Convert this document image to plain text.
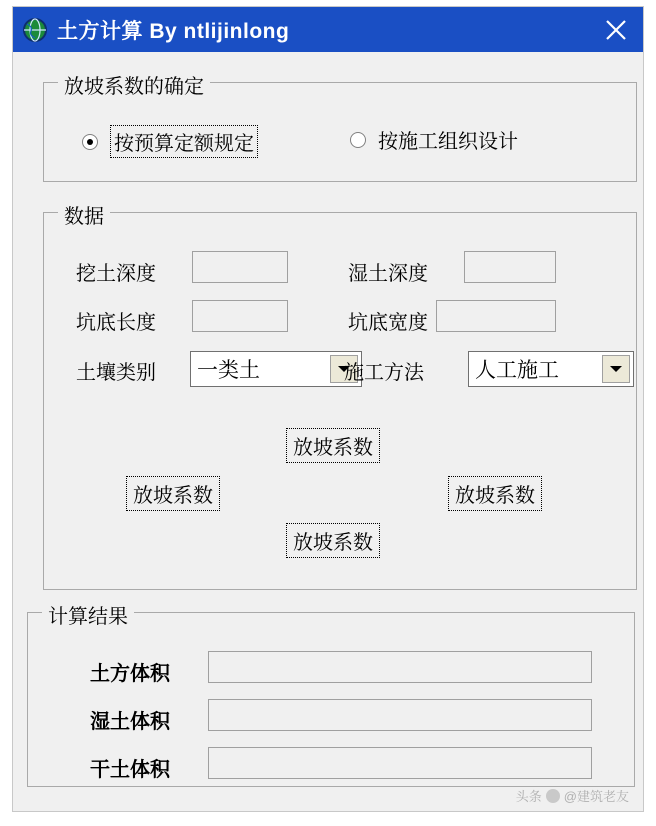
土方计算 By ntlijinlong
放坡系数的确定
按预算定额规定	按施工组织设计
数据
挖土深度	湿土深度
坑底长度	坑底宽度
土壤类别 一类土	施工方法 人工施工
放坡系数
放坡系数	放坡系数
放坡系数
计算结果
土方体积
湿土体积
干土体积
头条 @建筑老友
